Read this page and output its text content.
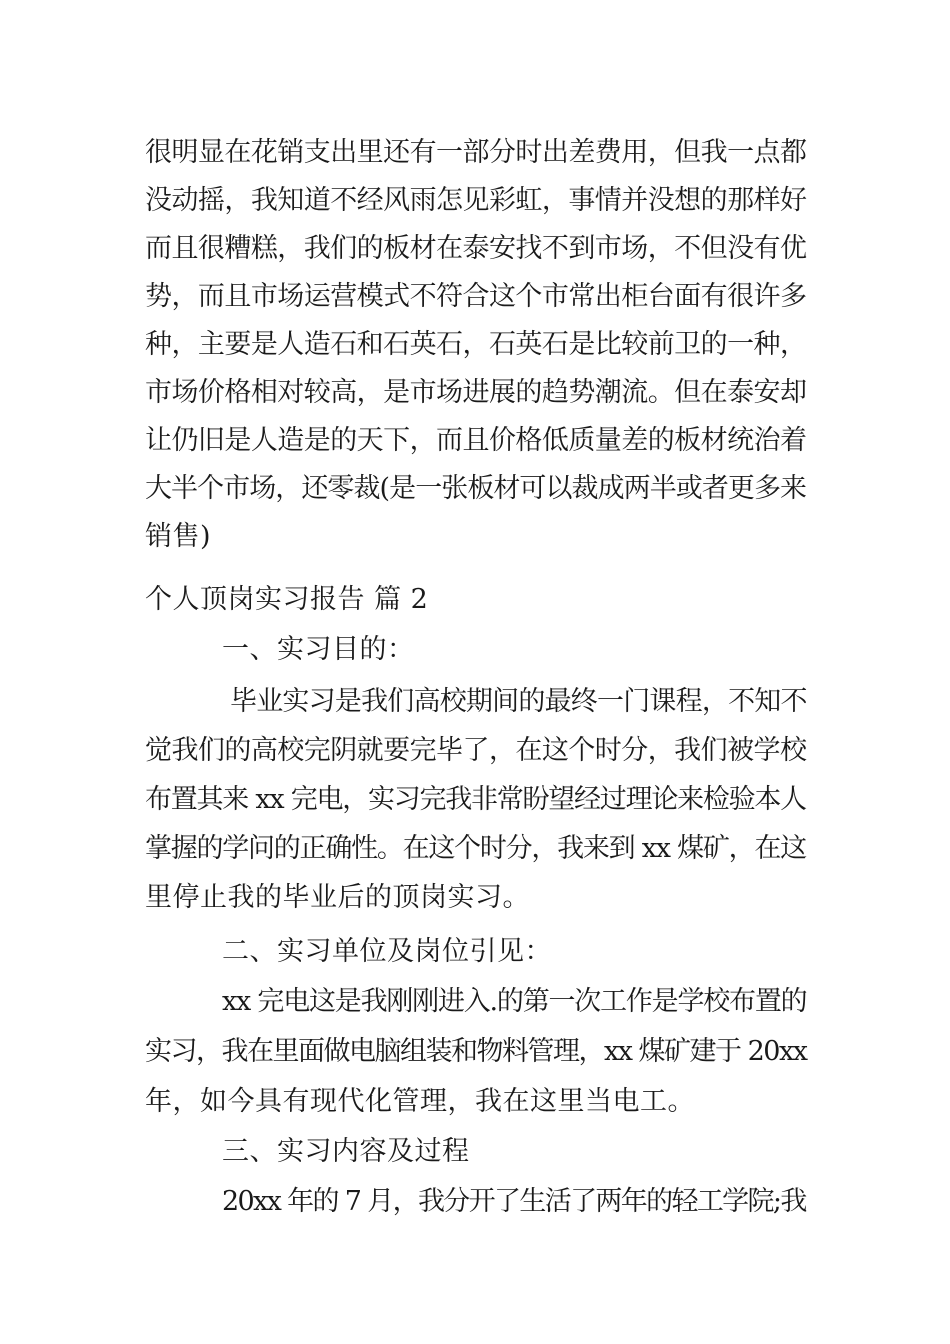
很明显在花销支出里还有一部分时出差费用，但我一点都
没动摇，我知道不经风雨怎见彩虹，事情并没想的那样好
而且很糟糕，我们的板材在泰安找不到市场，不但没有优
势，而且市场运营模式不符合这个市常出柜台面有很许多
种，主要是人造石和石英石，石英石是比较前卫的一种，
市场价格相对较高，是市场进展的趋势潮流。但在泰安却
让仍旧是人造是的天下，而且价格低质量差的板材统治着
大半个市场，还零裁(是一张板材可以裁成两半或者更多来
销售)
个人顶岗实习报告 篇 2
一、实习目的：
毕业实习是我们高校期间的最终一门课程，不知不
觉我们的高校完阴就要完毕了，在这个时分，我们被学校
布置其来 xx 完电，实习完我非常盼望经过理论来检验本人
掌握的学问的正确性。在这个时分，我来到 xx 煤矿，在这
里停止我的毕业后的顶岗实习。
二、实习单位及岗位引见：
xx 完电这是我刚刚进入.的第一次工作是学校布置的
实习，我在里面做电脑组装和物料管理，xx 煤矿建于 20xx
年，如今具有现代化管理，我在这里当电工。
三、实习内容及过程
20xx 年的 7 月，我分开了生活了两年的轻工学院;我
